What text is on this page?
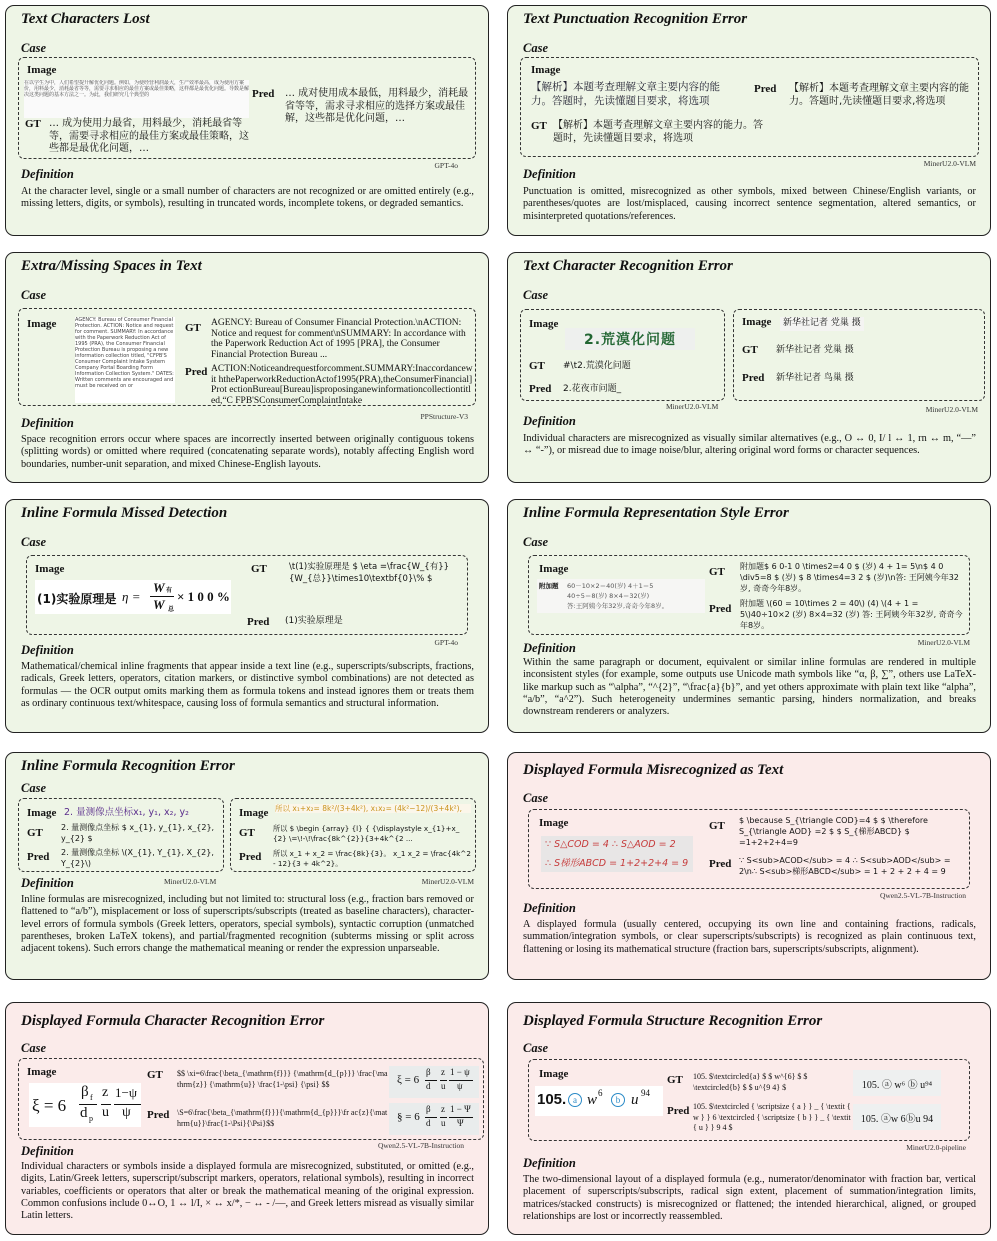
Text Characters Lost
Case
Image
在以学生为中，人们希望提升解优化问题。例如，为使经营利润最大，生产效率最高，成为使用方案价，用料最少，消耗最省等等，需要寻求相应的最佳方案或最佳策略，这样都是最优化问题。导数是解决这类问题的基本方法之一。为此，我们研究几个典型的
GT … 成为使用力最省，用料最少，消耗最省等等，需要寻求相应的最佳方案或最佳策略，这些都是最优化问题，…
Pred … 成对使用成本最低，用料最少，消耗最省等等，需求寻求相应的选择方案或最佳解，这些都是优化问题，…
GPT-4o
Definition
At the character level, single or a small number of characters are not recognized or are omitted entirely (e.g., missing letters, digits, or symbols), resulting in truncated words, incomplete tokens, or degraded semantics.
Text Punctuation Recognition Error
Case
Image
【解析】本题考查理解文章主要内容的能力。答题时，先读懂题目要求，将选项
Pred 【解析】本题考查理解文章主要内容的能力。答题时,先读懂题目要求,将选项
GT 【解析】本题考查理解文章主要内容的能力。答题时，先读懂题目要求，将选项
MinerU2.0-VLM
Definition
Punctuation is omitted, misrecognized as other symbols, mixed between Chinese/English variants, or parentheses/quotes are lost/misplaced, causing incorrect sentence segmentation, altered semantics, or misinterpreted quotations/references.
Extra/Missing Spaces in Text
Case
Image	AGENCY: Bureau of Consumer Financial Protection. ACTION: Notice and request for comment. SUMMARY: In accordance with the Paperwork Reduction Act of 1995 (PRA), the Consumer Financial Protection Bureau is proposing a new information collection titled, "CFPB'S Consumer Complaint Intake System Company Portal Boarding Form Information Collection System." DATES: Written comments are encouraged and must be received on or
GT AGENCY: Bureau of Consumer Financial Protection.\nACTION: Notice and request for comment\nSUMMARY: In accordance with the Paperwork Reduction Act of 1995 [PRA], the Consumer Financial Protection Bureau ...
Pred ACTION:Noticeandrequestforcomment.SUMMARY:Inaccordancewit hthePaperworkReductionActof1995(PRA),theConsumerFinancial]Prot ectionBureau[Bureau]isproposinganewinformationcollectiontitled,“C FPB'SConsumerComplaintIntake
PPStructure-V3
Definition
Space recognition errors occur where spaces are incorrectly inserted between originally contiguous tokens (splitting words) or omitted where required (concatenating separate words), notably affecting English word boundaries, number-unit separation, and mixed Chinese-English layouts.
Text Character Recognition Error
Case
Image
2.荒漠化问题
GT #\t2.荒漠化问题
Pred 2.花夜市问题_
MinerU2.0-VLM
Image	新华社记者 党巢 摄
GT 新华社记者 党巢 摄
Pred 新华社记者 鸟巢 摄
MinerU2.0-VLM
Definition
Individual characters are misrecognized as visually similar alternatives (e.g., O ↔ 0, I/ l ↔ 1, rn ↔ m, “—” ↔ “-”), or misread due to image noise/blur, altering original word forms or character sequences.
Inline Formula Missed Detection
Case
Image
(1)实验原理是 η =
W 有
W 总
× 1 0 0 %
GT	\t(1)实验原理是 $ \eta =\frac{W_{有}}{W_{总}}\times10\textbf{0}\% $
Pred (1)实验原理是
GPT-4o
Definition
Mathematical/chemical inline fragments that appear inside a text line (e.g., superscripts/subscripts, fractions, radicals, Greek letters, operators, citation markers, or distinctive symbol combinations) are not detected as formulas — the OCR output omits marking them as formula tokens and instead ignores them or treats them as ordinary continuous text/whitespace, causing loss of formula semantics and structural information.
Inline Formula Representation Style Error
Case
Image
附加题 60－10×2＝40(岁) 4＋1＝5
40÷5＝8(岁) 8×4＝32(岁)
答:王阿姨今年32岁,奇奇今年8岁。
GT 附加题$ 6 0-1 0 \times2=4 0 $ (岁) 4 + 1= 5\n$ 4 0 \div5=8 $ (岁) $ 8 \times4=3 2 $ (岁)\n答: 王阿姨今年32岁, 奇奇今年8岁。
Pred 附加题 \(60 = 10\times 2 = 40\) (4) \(4 + 1 = 5\)40÷10×2 (岁) 8×4=32 (岁) 答: 王阿姨今年32岁, 奇奇今年8岁。
MinerU2.0-VLM
Definition
Within the same paragraph or document, equivalent or similar inline formulas are rendered in multiple inconsistent styles (for example, some outputs use Unicode math symbols like “α, β, ∑”, others use LaTeX-like markup such as “\alpha”, “^{2}”, “\frac{a}{b}”, and yet others approximate with plain text like “alpha”, “a/b”, “a^2”). Such heterogeneity undermines semantic parsing, hinders normalization, and breaks downstream renderers or analyzers.
Inline Formula Recognition Error
Case
Image 2. 量测像点坐标x₁, y₁, x₂, y₂
GT 2. 量测像点坐标 $ x_{1}, y_{1}, x_{2}, y_{2} $
Pred 2. 量测像点坐标 \(X_{1}, Y_{1}, X_{2}, Y_{2}\)
MinerU2.0-VLM
Image 所以 x₁+x₂= 8k²/(3+4k²), x₁x₂= (4k²−12)/(3+4k²),
GT	所以 $ \begin {array} {l} { {\displaystyle x_{1}+x_{2} \=\!-\!\frac{8k^{2}}{3+4k^{2 ...
Pred 所以 x_1 + x_2 = \frac{8k}{3}。 x_1 x_2 = \frac{4k^2 - 12}{3 + 4k^2}。
MinerU2.0-VLM
Definition
Inline formulas are misrecognized, including but not limited to: structural loss (e.g., fraction bars removed or flattened to “a/b”), misplacement or loss of superscripts/subscripts (treated as baseline characters), character-level errors of formula symbols (Greek letters, operators, special symbols), syntactic corruption (unmatched parentheses, broken LaTeX tokens), and partial/fragmented recognition (subterms missing or split across adjacent tokens). Such errors change the mathematical meaning or render the expression unparseable.
Displayed Formula Misrecognized as Text
Case
Image
∵ S△COD = 4 ∴ S△AOD = 2
∴ S梯形ABCD = 1+2+2+4 = 9
GT $ \because S_{\triangle COD}=4 $ $ \therefore S_{\triangle AOD} =2 $ $ S_{梯形ABCD} $ =1+2+2+4=9
Pred ∵ S<sub>ACOD</sub> = 4 ∴ S<sub>AOD</sub> = 2\n∴ S<sub>梯形ABCD</sub> = 1 + 2 + 2 + 4 = 9
Qwen2.5-VL-7B-Instruction
Definition
A displayed formula (usually centered, occupying its own line and containing fractions, radicals, summation/integration symbols, or clear superscripts/subscripts) is recognized as plain continuous text, flattening or losing its mathematical structure (fraction bars, superscripts/subscripts, alignment).
Displayed Formula Character Recognition Error
Case
Image
ξ = 6
β f
d p
z
u
1−ψ
ψ
GT $$ \xi=6\frac{\beta_{\mathrm{f}}} {\mathrm{d_{p}}} \frac{\mathrm{z}} {\mathrm{u}} \frac{1-\psi} {\psi} $$
Pred \S=6\frac{\beta_{\mathrm{f}}}{\mathrm{d_{p}}}\fr ac{z}{\mathrm{u}}\frac{1-\Psi}{\Psi}$$
ξ = 6
β
d
z
u
1 − ψ
ψ
§ = 6
β
d
z
u
1 − Ψ
Ψ
Qwen2.5-VL-7B-Instruction
Definition
Individual characters or symbols inside a displayed formula are misrecognized, substituted, or omitted (e.g., digits, Latin/Greek letters, superscript/subscript markers, operators, relational symbols), resulting in incorrect variables, coefficients or operators that alter or break the mathematical meaning of the original expression. Common confusions include 0↔O, 1 ↔ l/I, × ↔ x/*, − ↔ - /—, and Greek letters misread as visually similar Latin letters.
Displayed Formula Structure Recognition Error
Case
Image
105. a w 6
b u 94
GT 105. $\textcircled{a} $ $ w^{6} $ $ \textcircled{b} $ $ u^{9 4} $
Pred 105. $\textcircled { \scriptsize { a } } _ { \textit { w } } 6 \textcircled { \scriptsize { b } } _ { \textit { u } } 9 4 $
105. ⓐ w⁶ ⓑ u⁹⁴
105. ⓐw 6ⓑu 94
MinerU2.0-pipeline
Definition
The two-dimensional layout of a displayed formula (e.g., numerator/denominator with fraction bar, vertical placement of superscripts/subscripts, radical sign extent, placement of summation/integration limits, matrices/stacked constructs) is misrecognized or flattened; the intended hierarchical, aligned, or grouped relationships are lost or incorrectly reassembled.
